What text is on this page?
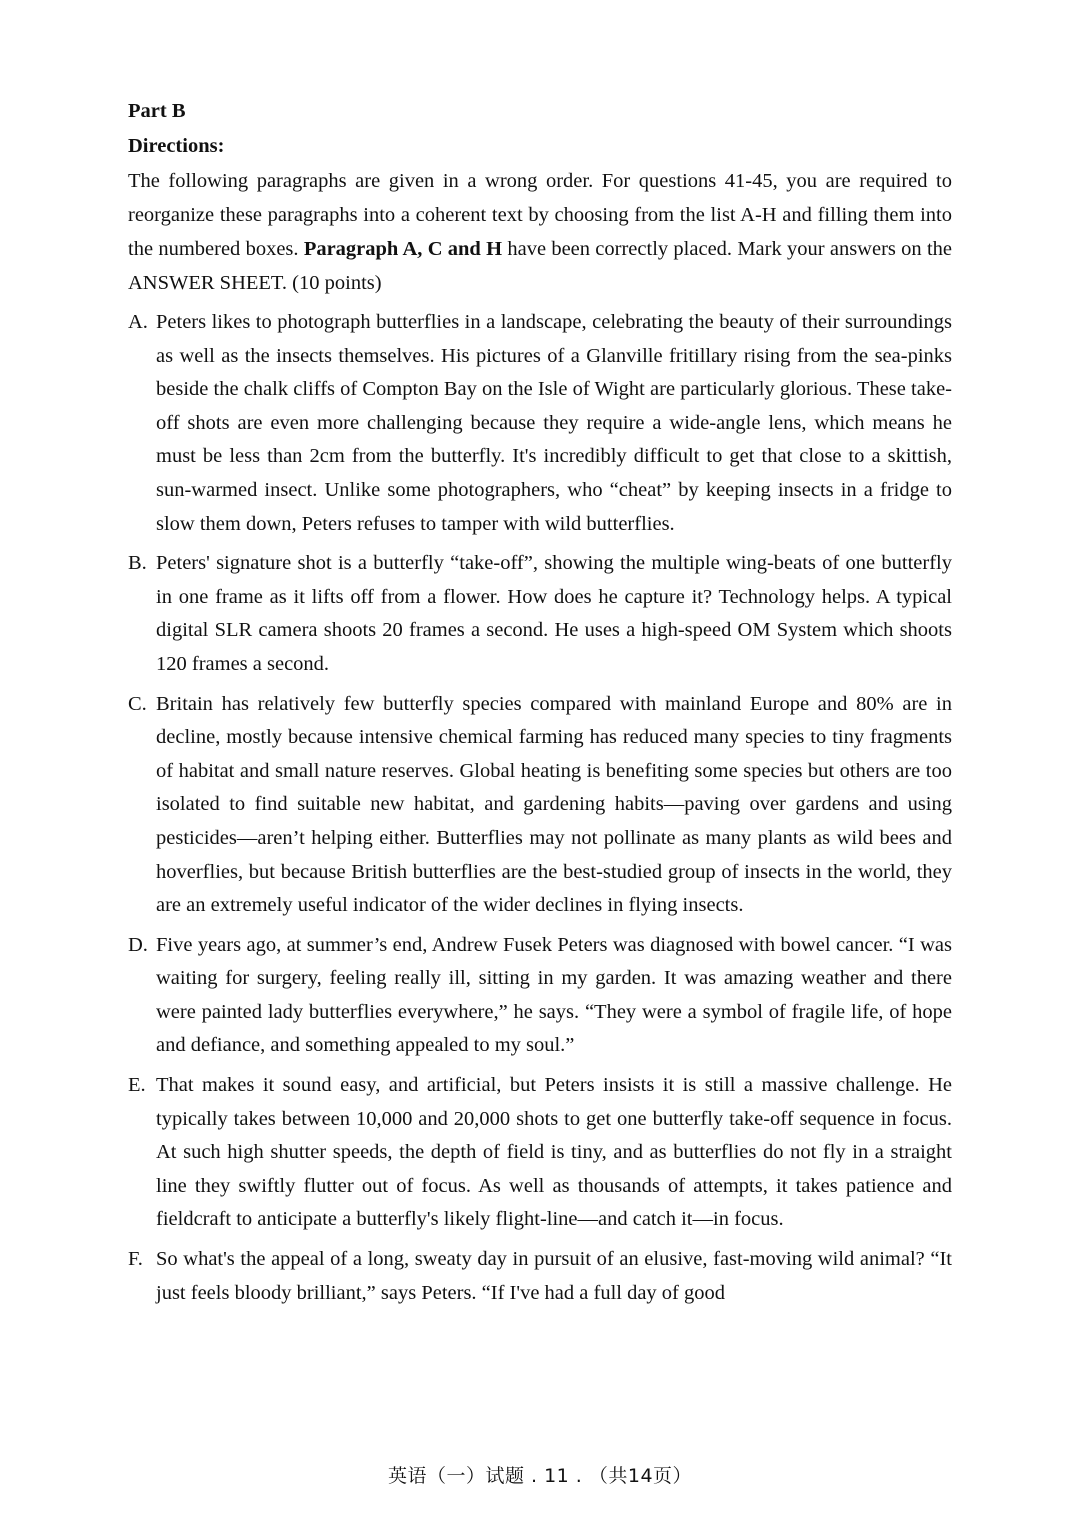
Part B

Directions:

The following paragraphs are given in a wrong order. For questions 41-45, you are required to reorganize these paragraphs into a coherent text by choosing from the list A-H and filling them into the numbered boxes. Paragraph A, C and H have been correctly placed. Mark your answers on the ANSWER SHEET. (10 points)

A. Peters likes to photograph butterflies in a landscape, celebrating the beauty of their surroundings as well as the insects themselves. His pictures of a Glanville fritillary rising from the sea-pinks beside the chalk cliffs of Compton Bay on the Isle of Wight are particularly glorious. These take-off shots are even more challenging because they require a wide-angle lens, which means he must be less than 2cm from the butterfly. It's incredibly difficult to get that close to a skittish, sun-warmed insect. Unlike some photographers, who “cheat” by keeping insects in a fridge to slow them down, Peters refuses to tamper with wild butterflies.

B. Peters' signature shot is a butterfly “take-off”, showing the multiple wing-beats of one butterfly in one frame as it lifts off from a flower. How does he capture it? Technology helps. A typical digital SLR camera shoots 20 frames a second. He uses a high-speed OM System which shoots 120 frames a second.

C. Britain has relatively few butterfly species compared with mainland Europe and 80% are in decline, mostly because intensive chemical farming has reduced many species to tiny fragments of habitat and small nature reserves. Global heating is benefiting some species but others are too isolated to find suitable new habitat, and gardening habits—paving over gardens and using pesticides—aren’t helping either. Butterflies may not pollinate as many plants as wild bees and hoverflies, but because British butterflies are the best-studied group of insects in the world, they are an extremely useful indicator of the wider declines in flying insects.

D. Five years ago, at summer’s end, Andrew Fusek Peters was diagnosed with bowel cancer. “I was waiting for surgery, feeling really ill, sitting in my garden. It was amazing weather and there were painted lady butterflies everywhere,” he says. “They were a symbol of fragile life, of hope and defiance, and something appealed to my soul.”

E. That makes it sound easy, and artificial, but Peters insists it is still a massive challenge. He typically takes between 10,000 and 20,000 shots to get one butterfly take-off sequence in focus. At such high shutter speeds, the depth of field is tiny, and as butterflies do not fly in a straight line they swiftly flutter out of focus. As well as thousands of attempts, it takes patience and fieldcraft to anticipate a butterfly's likely flight-line—and catch it—in focus.

F. So what's the appeal of a long, sweaty day in pursuit of an elusive, fast-moving wild animal? “It just feels bloody brilliant,” says Peters. “If I've had a full day of good

英语（一）试题 . 11 . （共14页）
